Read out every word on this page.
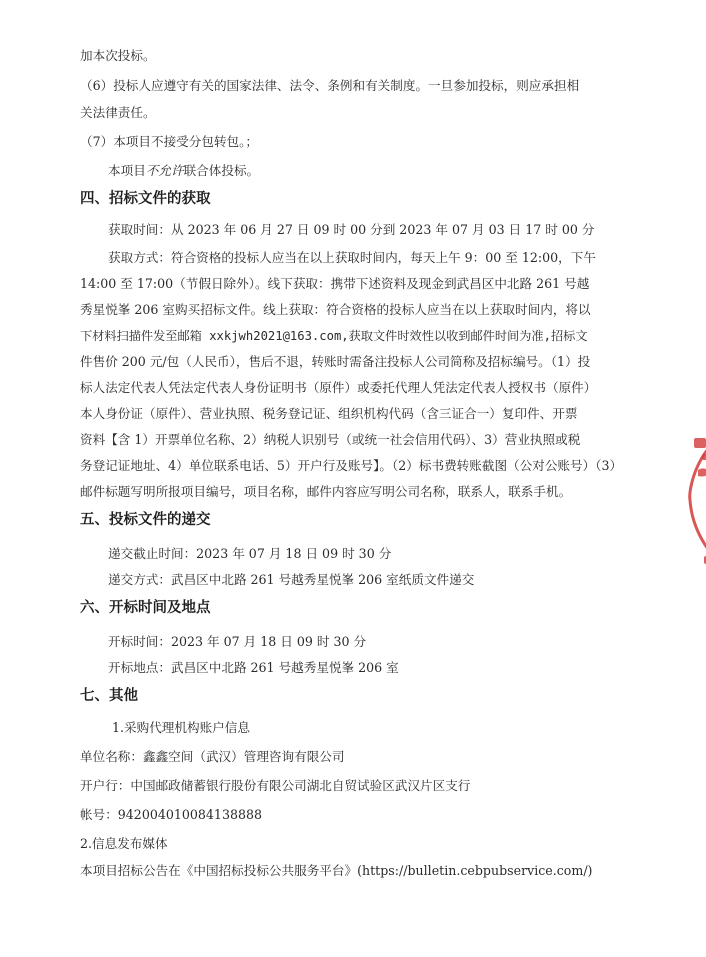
加本次投标。
（6）投标人应遵守有关的国家法律、法令、条例和有关制度。一旦参加投标，则应承担相
关法律责任。
（7）本项目不接受分包转包。；
本项目不允许联合体投标。
四、招标文件的获取
获取时间：从 2023 年 06 月 27 日 09 时 00 分到 2023 年 07 月 03 日 17 时 00 分
获取方式：符合资格的投标人应当在以上获取时间内，每天上午 9：00 至 12:00，下午
14:00 至 17:00（节假日除外）。线下获取：携带下述资料及现金到武昌区中北路 261 号越
秀星悦峯 206 室购买招标文件。线上获取：符合资格的投标人应当在以上获取时间内，将以
下材料扫描件发至邮箱 xxkjwh2021@163.com,获取文件时效性以收到邮件时间为准,招标文
件售价 200 元/包（人民币），售后不退，转账时需备注投标人公司简称及招标编号。（1）投
标人法定代表人凭法定代表人身份证明书（原件）或委托代理人凭法定代表人授权书（原件）
本人身份证（原件）、营业执照、税务登记证、组织机构代码（含三证合一）复印件、开票
资料【含 1）开票单位名称、2）纳税人识别号（或统一社会信用代码）、3）营业执照或税
务登记证地址、4）单位联系电话、5）开户行及账号】。（2）标书费转账截图（公对公账号）（3）
邮件标题写明所报项目编号，项目名称，邮件内容应写明公司名称，联系人，联系手机。
五、投标文件的递交
递交截止时间：2023 年 07 月 18 日 09 时 30 分
递交方式：武昌区中北路 261 号越秀星悦峯 206 室纸质文件递交
六、开标时间及地点
开标时间：2023 年 07 月 18 日 09 时 30 分
开标地点：武昌区中北路 261 号越秀星悦峯 206 室
七、其他
1.采购代理机构账户信息
单位名称：鑫鑫空间（武汉）管理咨询有限公司
开户行：中国邮政储蓄银行股份有限公司湖北自贸试验区武汉片区支行
帐号：942004010084138888
2.信息发布媒体
本项目招标公告在《中国招标投标公共服务平台》(https://bulletin.cebpubservice.com/)
